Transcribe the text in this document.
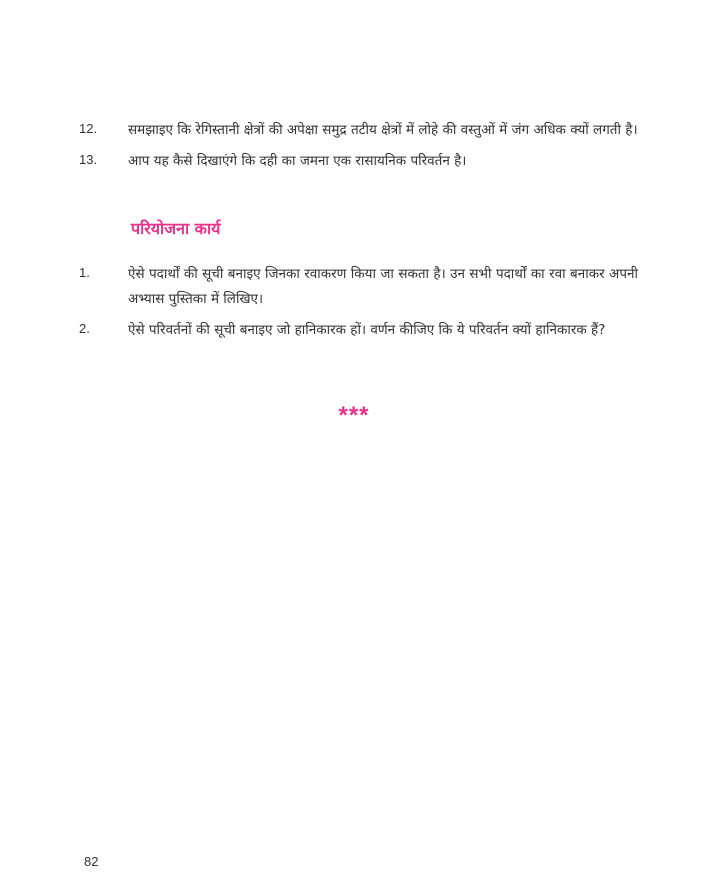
12. समझाइए कि रेगिस्तानी क्षेत्रों की अपेक्षा समुद्र तटीय क्षेत्रों में लोहे की वस्तुओं में जंग अधिक क्यों लगती है।
13. आप यह कैसे दिखाएंगे कि दही का जमना एक रासायनिक परिवर्तन है।
परियोजना कार्य
1.	ऐसे पदार्थों की सूची बनाइए जिनका रवाकरण किया जा सकता है। उन सभी पदार्थों का रवा बनाकर अपनी अभ्यास पुस्तिका में लिखिए।
2.	ऐसे परिवर्तनों की सूची बनाइए जो हानिकारक हों। वर्णन कीजिए कि ये परिवर्तन क्यों हानिकारक हैं?
***
82
